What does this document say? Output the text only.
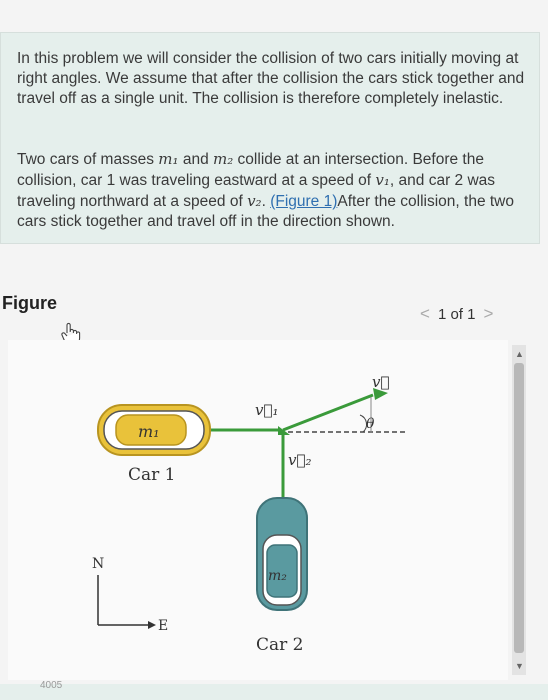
In this problem we will consider the collision of two cars initially moving at right angles. We assume that after the collision the cars stick together and travel off as a single unit. The collision is therefore completely inelastic.

Two cars of masses m₁ and m₂ collide at an intersection. Before the collision, car 1 was traveling eastward at a speed of v₁, and car 2 was traveling northward at a speed of v₂. (Figure 1)After the collision, the two cars stick together and travel off in the direction shown.

Figure
< 1 of 1 >
v⃗₁
v⃗₂
v⃗
θ
m₁
Car 1
m₂
Car 2
N
E
▲
▼
4005
